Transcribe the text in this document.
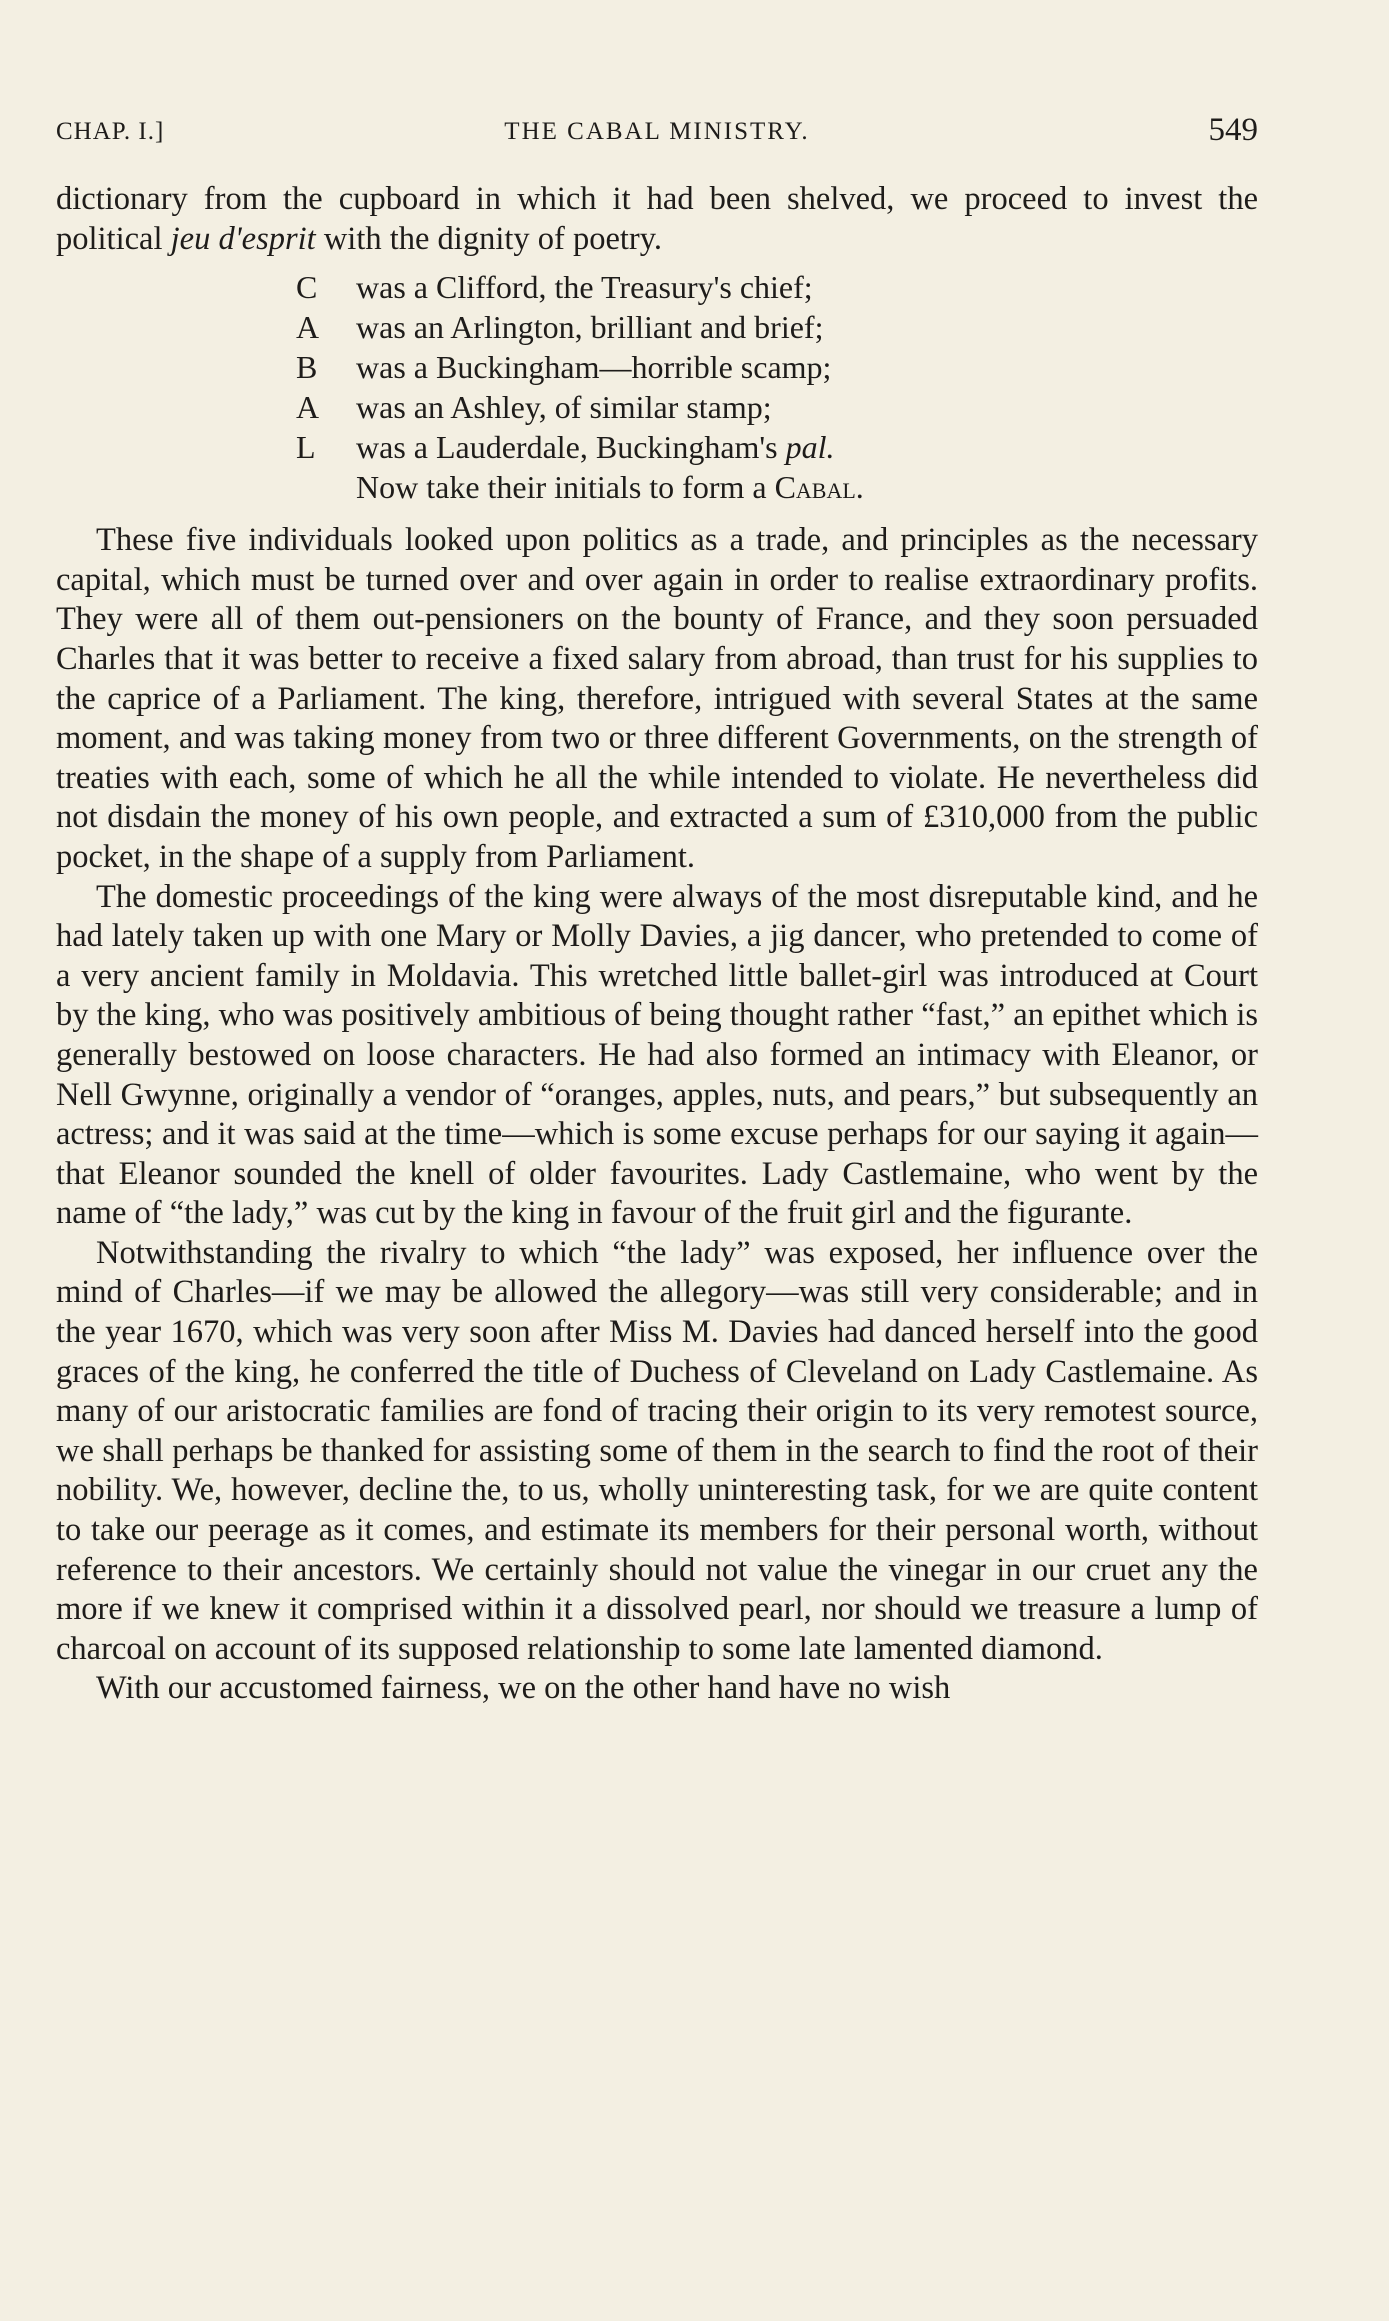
CHAP. I.]	THE CABAL MINISTRY.	549

dictionary from the cupboard in which it had been shelved, we proceed to invest the political jeu d'esprit with the dignity of poetry.

C	was a Clifford, the Treasury's chief;
A	was an Arlington, brilliant and brief;
B	was a Buckingham—horrible scamp;
A	was an Ashley, of similar stamp;
L	was a Lauderdale, Buckingham's pal.
Now take their initials to form a Cabal.

These five individuals looked upon politics as a trade, and principles as the necessary capital, which must be turned over and over again in order to realise extraordinary profits. They were all of them out-pensioners on the bounty of France, and they soon persuaded Charles that it was better to receive a fixed salary from abroad, than trust for his supplies to the caprice of a Parliament. The king, therefore, intrigued with several States at the same moment, and was taking money from two or three different Governments, on the strength of treaties with each, some of which he all the while intended to violate. He nevertheless did not disdain the money of his own people, and extracted a sum of £310,000 from the public pocket, in the shape of a supply from Parliament.

The domestic proceedings of the king were always of the most disreputable kind, and he had lately taken up with one Mary or Molly Davies, a jig dancer, who pretended to come of a very ancient family in Moldavia. This wretched little ballet-girl was introduced at Court by the king, who was positively ambitious of being thought rather “fast,” an epithet which is generally bestowed on loose characters. He had also formed an intimacy with Eleanor, or Nell Gwynne, originally a vendor of “oranges, apples, nuts, and pears,” but subsequently an actress; and it was said at the time—which is some excuse perhaps for our saying it again—that Eleanor sounded the knell of older favourites. Lady Castlemaine, who went by the name of “the lady,” was cut by the king in favour of the fruit girl and the figurante.

Notwithstanding the rivalry to which “the lady” was exposed, her influence over the mind of Charles—if we may be allowed the allegory—was still very considerable; and in the year 1670, which was very soon after Miss M. Davies had danced herself into the good graces of the king, he conferred the title of Duchess of Cleveland on Lady Castlemaine. As many of our aristocratic families are fond of tracing their origin to its very remotest source, we shall perhaps be thanked for assisting some of them in the search to find the root of their nobility. We, however, decline the, to us, wholly uninteresting task, for we are quite content to take our peerage as it comes, and estimate its members for their personal worth, without reference to their ancestors. We certainly should not value the vinegar in our cruet any the more if we knew it comprised within it a dissolved pearl, nor should we treasure a lump of charcoal on account of its supposed relationship to some late lamented diamond.

With our accustomed fairness, we on the other hand have no wish
